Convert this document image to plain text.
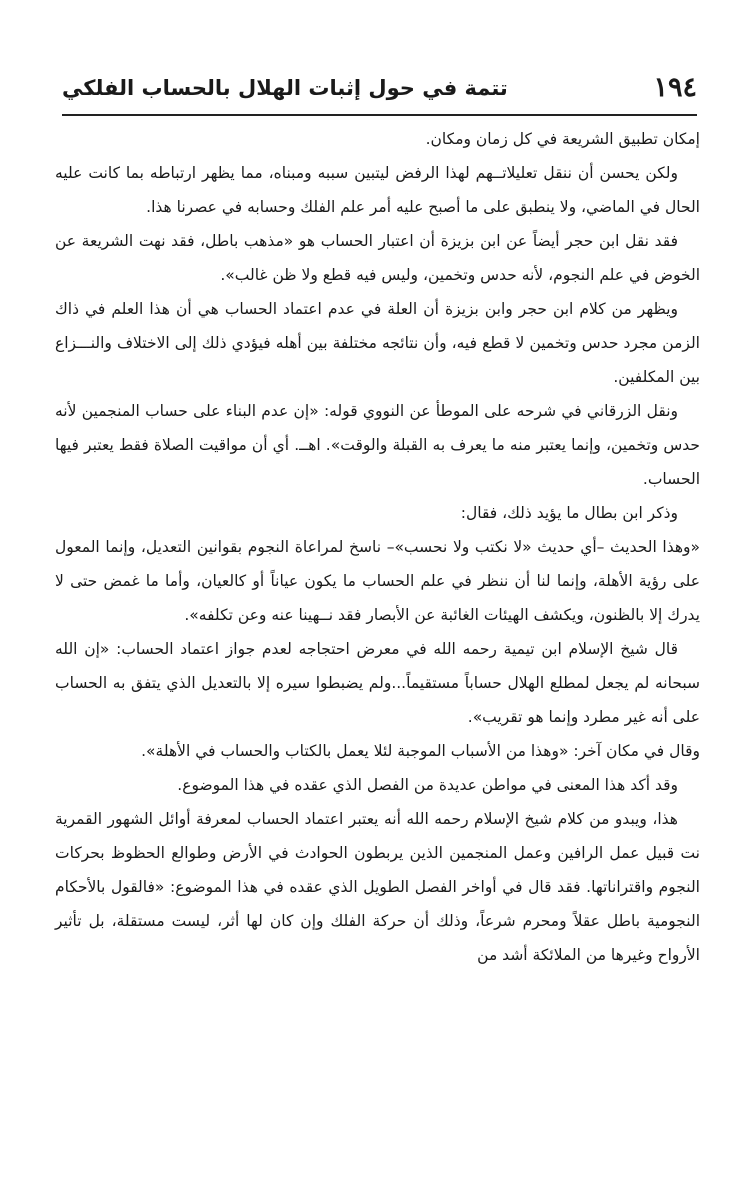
١٩٤
تتمة في حول إثبات الهلال بالحساب الفلكي

إمكان تطبيق الشريعة في كل زمان ومكان.

ولكن يحسن أن ننقل تعليلاتــهم لهذا الرفض ليتبين سببه ومبناه، مما يظهر ارتباطه بما كانت عليه الحال في الماضي، ولا ينطبق على ما أصبح عليه أمر علم الفلك وحسابه في عصرنا هذا.

فقد نقل ابن حجر أيضاً عن ابن بزيزة أن اعتبار الحساب هو «مذهب باطل، فقد نهت الشريعة عن الخوض في علم النجوم، لأنه حدس وتخمين، وليس فيه قطع ولا ظن غالب».

ويظهر من كلام ابن حجر وابن بزيزة أن العلة في عدم اعتماد الحساب هي أن هذا العلم في ذاك الزمن مجرد حدس وتخمين لا قطع فيه، وأن نتائجه مختلفة بين أهله فيؤدي ذلك إلى الاختلاف والنـــزاع بين المكلفين.

ونقل الزرقاني في شرحه على الموطأ عن النووي قوله: «إن عدم البناء على حساب المنجمين لأنه حدس وتخمين، وإنما يعتبر منه ما يعرف به القبلة والوقت». اهــ. أي أن مواقيت الصلاة فقط يعتبر فيها الحساب.

وذكر ابن بطال ما يؤيد ذلك، فقال:

«وهذا الحديث –أي حديث «لا نكتب ولا نحسب»– ناسخ لمراعاة النجوم بقوانين التعديل، وإنما المعول على رؤية الأهلة، وإنما لنا أن ننظر في علم الحساب ما يكون عياناً أو كالعيان، وأما ما غمض حتى لا يدرك إلا بالظنون، ويكشف الهيئات الغائبة عن الأبصار فقد نــهينا عنه وعن تكلفه».

قال شيخ الإسلام ابن تيمية رحمه الله في معرض احتجاجه لعدم جواز اعتماد الحساب: «إن الله سبحانه لم يجعل لمطلع الهلال حساباً مستقيماً...ولم يضبطوا سيره إلا بالتعديل الذي يتفق به الحساب على أنه غير مطرد وإنما هو تقريب».

وقال في مكان آخر: «وهذا من الأسباب الموجبة لئلا يعمل بالكتاب والحساب في الأهلة».

وقد أكد هذا المعنى في مواطن عديدة من الفصل الذي عقده في هذا الموضوع.

هذا، ويبدو من كلام شيخ الإسلام رحمه الله أنه يعتبر اعتماد الحساب لمعرفة أوائل الشهور القمرية نت قبيل عمل الرافين وعمل المنجمين الذين يربطون الحوادث في الأرض وطوالع الحظوظ بحركات النجوم واقترانات‍ها. فقد قال في أواخر الفصل الطويل الذي عقده في هذا الموضوع: «فالقول بالأحكام النجومية باطل عقلاً ومحرم شرعاً، وذلك أن حركة الفلك وإن كان لها أثر، ليست مستقلة، بل تأثير الأرواح وغيرها من الملائكة أشد من
